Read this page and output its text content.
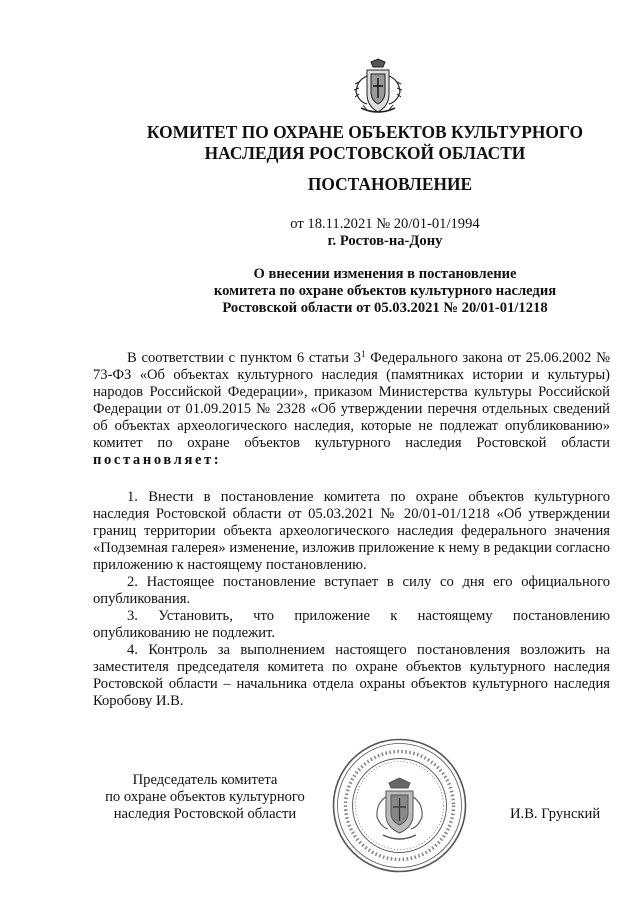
КОМИТЕТ ПО ОХРАНЕ ОБЪЕКТОВ КУЛЬТУРНОГО
НАСЛЕДИЯ РОСТОВСКОЙ ОБЛАСТИ
ПОСТАНОВЛЕНИЕ
от 18.11.2021 № 20/01-01/1994
г. Ростов-на-Дону
О внесении изменения в постановление
комитета по охране объектов культурного наследия
Ростовской области от 05.03.2021 № 20/01-01/1218

В соответствии с пунктом 6 статьи $3^1$ Федерального закона от 25.06.2002 № 73-ФЗ «Об объектах культурного наследия (памятниках истории и культуры) народов Российской Федерации», приказом Министерства культуры Российской Федерации от 01.09.2015 № 2328 «Об утверждении перечня отдельных сведений об объектах археологического наследия, которые не подлежат опубликованию» комитет по охране объектов культурного наследия Ростовской области постановляет:

1. Внести в постановление комитета по охране объектов культурного наследия Ростовской области от 05.03.2021 № 20/01-01/1218 «Об утверждении границ территории объекта археологического наследия федерального значения «Подземная галерея» изменение, изложив приложение к нему в редакции согласно приложению к настоящему постановлению.

2. Настоящее постановление вступает в силу со дня его официального опубликования.

3. Установить, что приложение к настоящему постановлению опубликованию не подлежит.

4. Контроль за выполнением настоящего постановления возложить на заместителя председателя комитета по охране объектов культурного наследия Ростовской области – начальника отдела охраны объектов культурного наследия Коробову И.В.

Председатель комитета
по охране объектов культурного
наследия Ростовской области	И.В. Грунский
